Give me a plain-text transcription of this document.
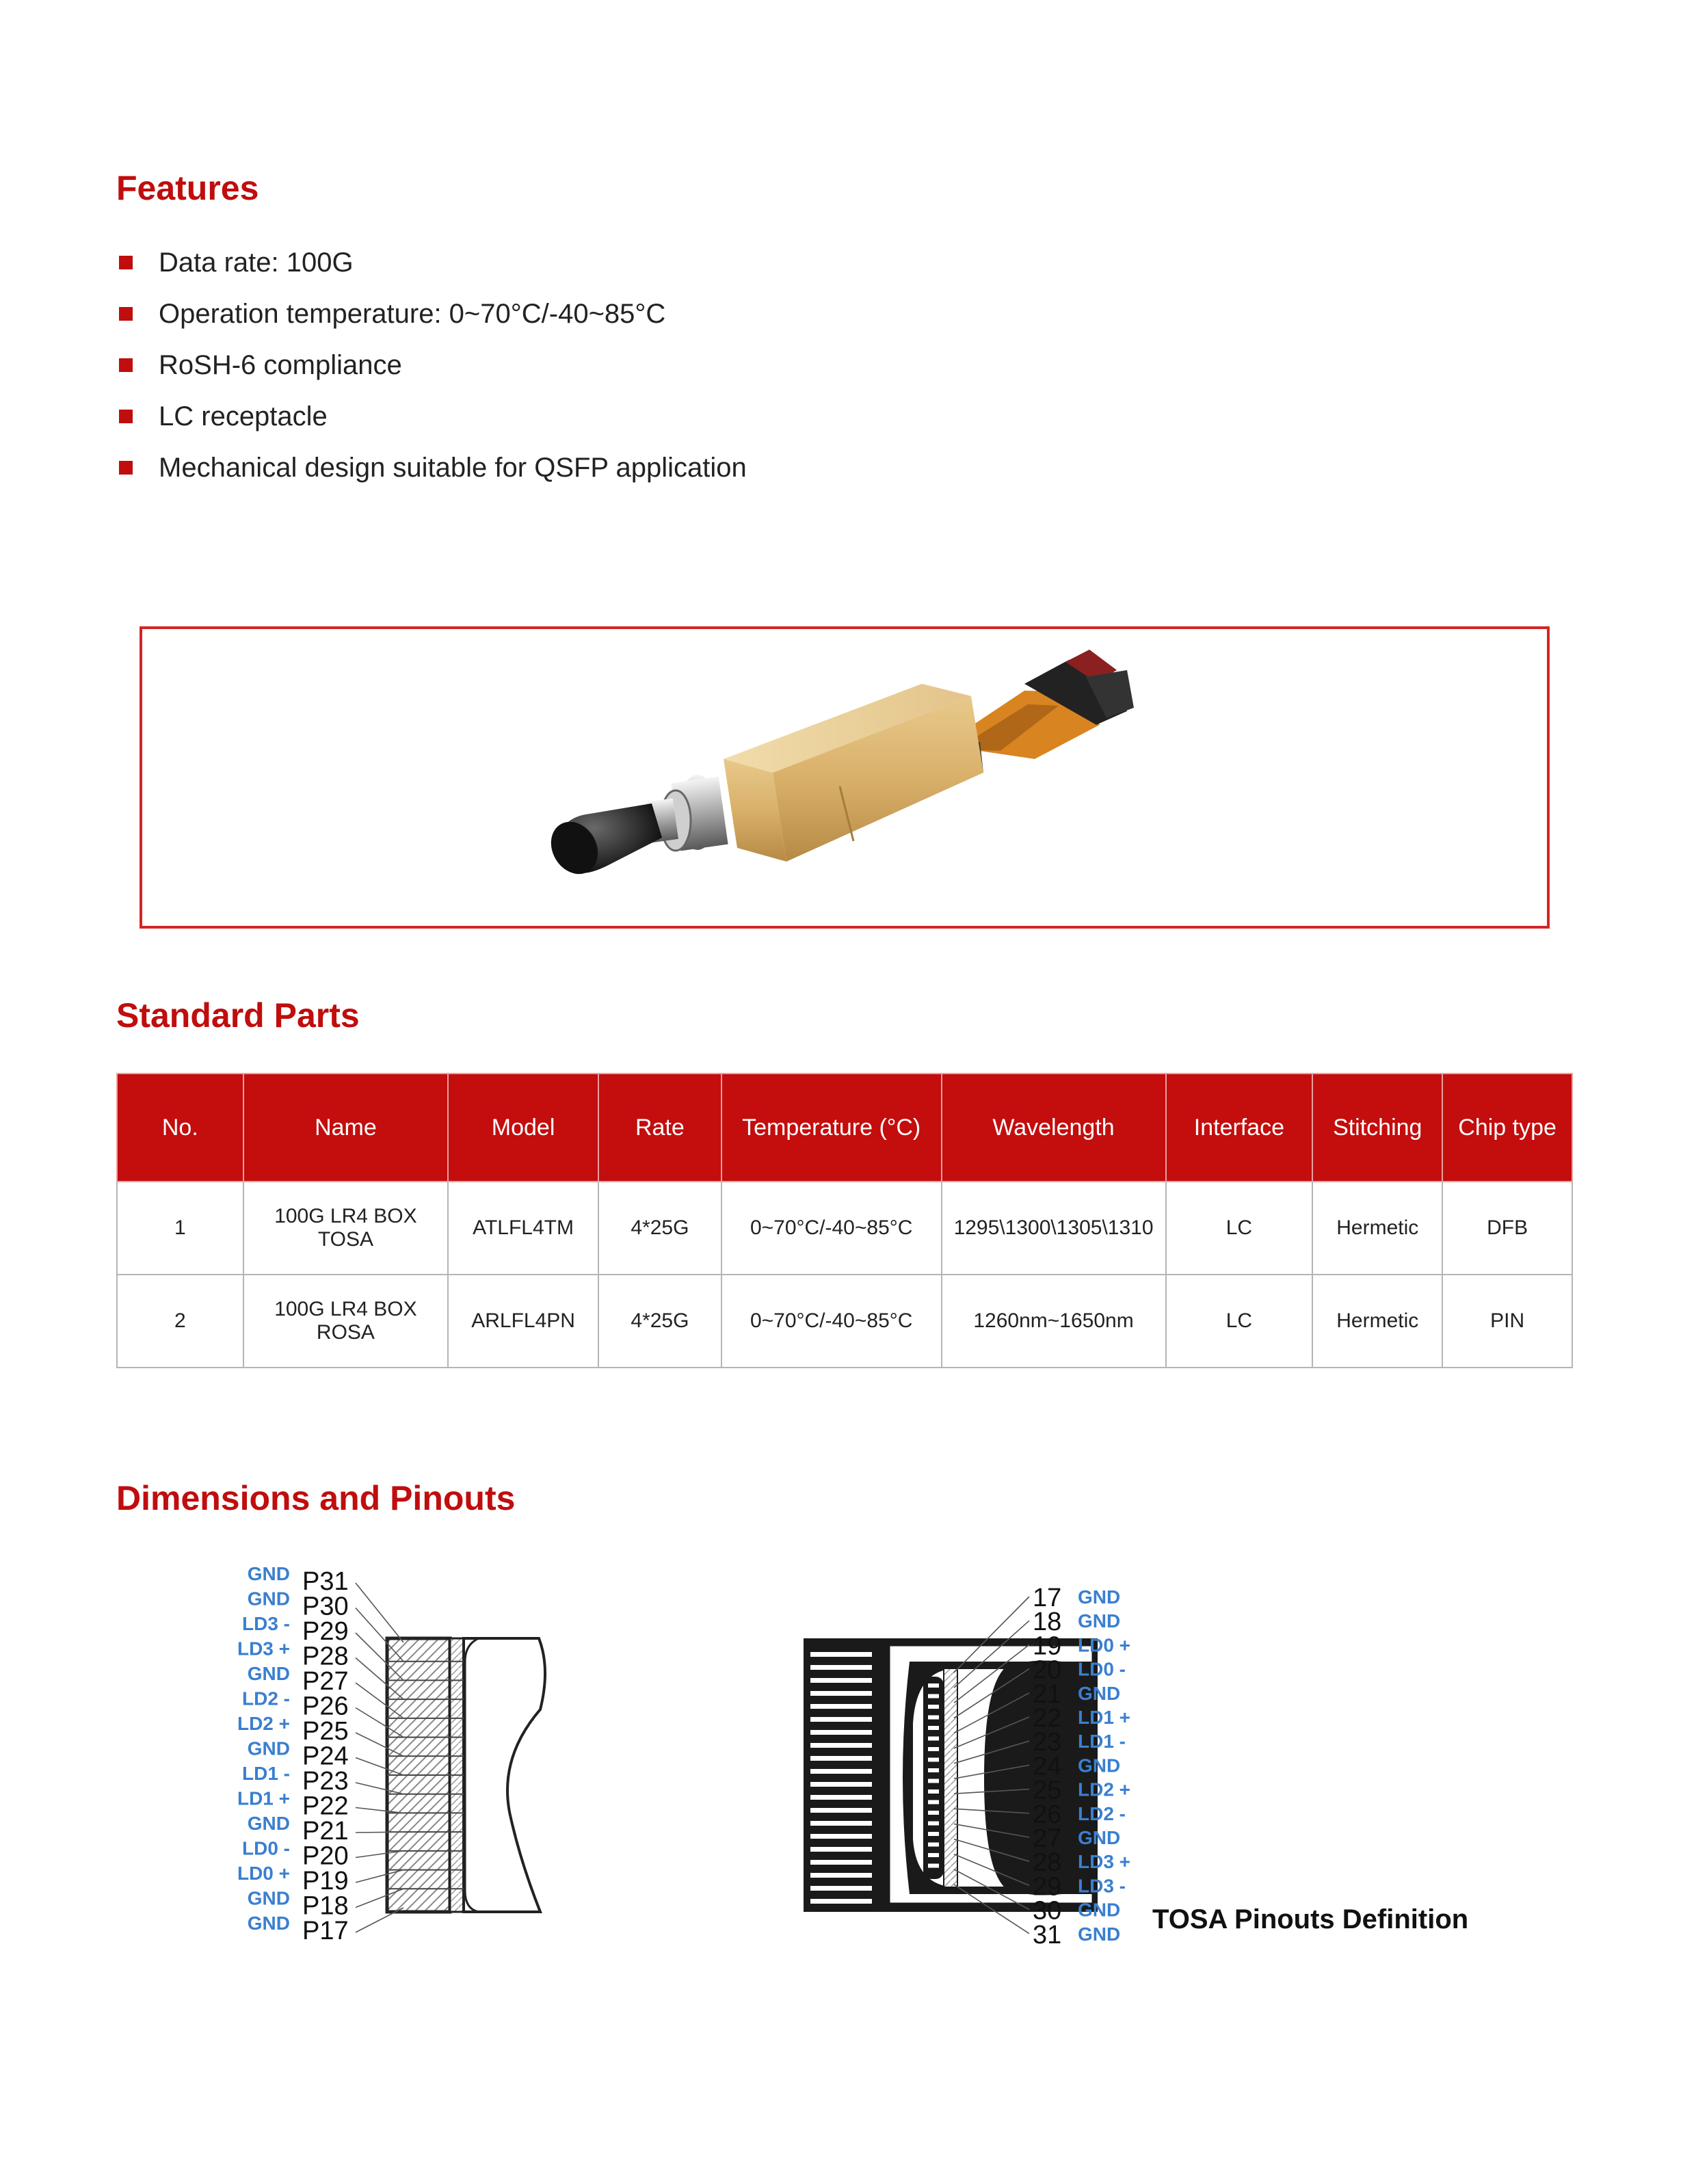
Features
Data rate: 100G
Operation temperature: 0~70°C/-40~85°C
RoSH-6 compliance
LC receptacle
Mechanical design suitable for QSFP application
Standard Parts
No.	Name	Model	Rate	Temperature (°C)	Wavelength	Interface	Stitching	Chip type
1	100G LR4 BOX TOSA	ATLFL4TM	4*25G	0~70°C/-40~85°C	1295\1300\1305\1310	LC	Hermetic	DFB
2	100G LR4 BOX ROSA	ARLFL4PN	4*25G	0~70°C/-40~85°C	1260nm~1650nm	LC	Hermetic	PIN
Dimensions and Pinouts
GND P31
GND P30
LD3 - P29
LD3 + P28
GND P27
LD2 - P26
LD2 + P25
GND P24
LD1 - P23
LD1 + P22
GND P21
LD0 - P20
LD0 + P19
GND P18
GND P17
17 GND
18 GND
19 LD0 +
20 LD0 -
21 GND
22 LD1 +
23 LD1 -
24 GND
25 LD2 +
26 LD2 -
27 GND
28 LD3 +
29 LD3 -
30 GND
31 GND TOSA Pinouts Definition
